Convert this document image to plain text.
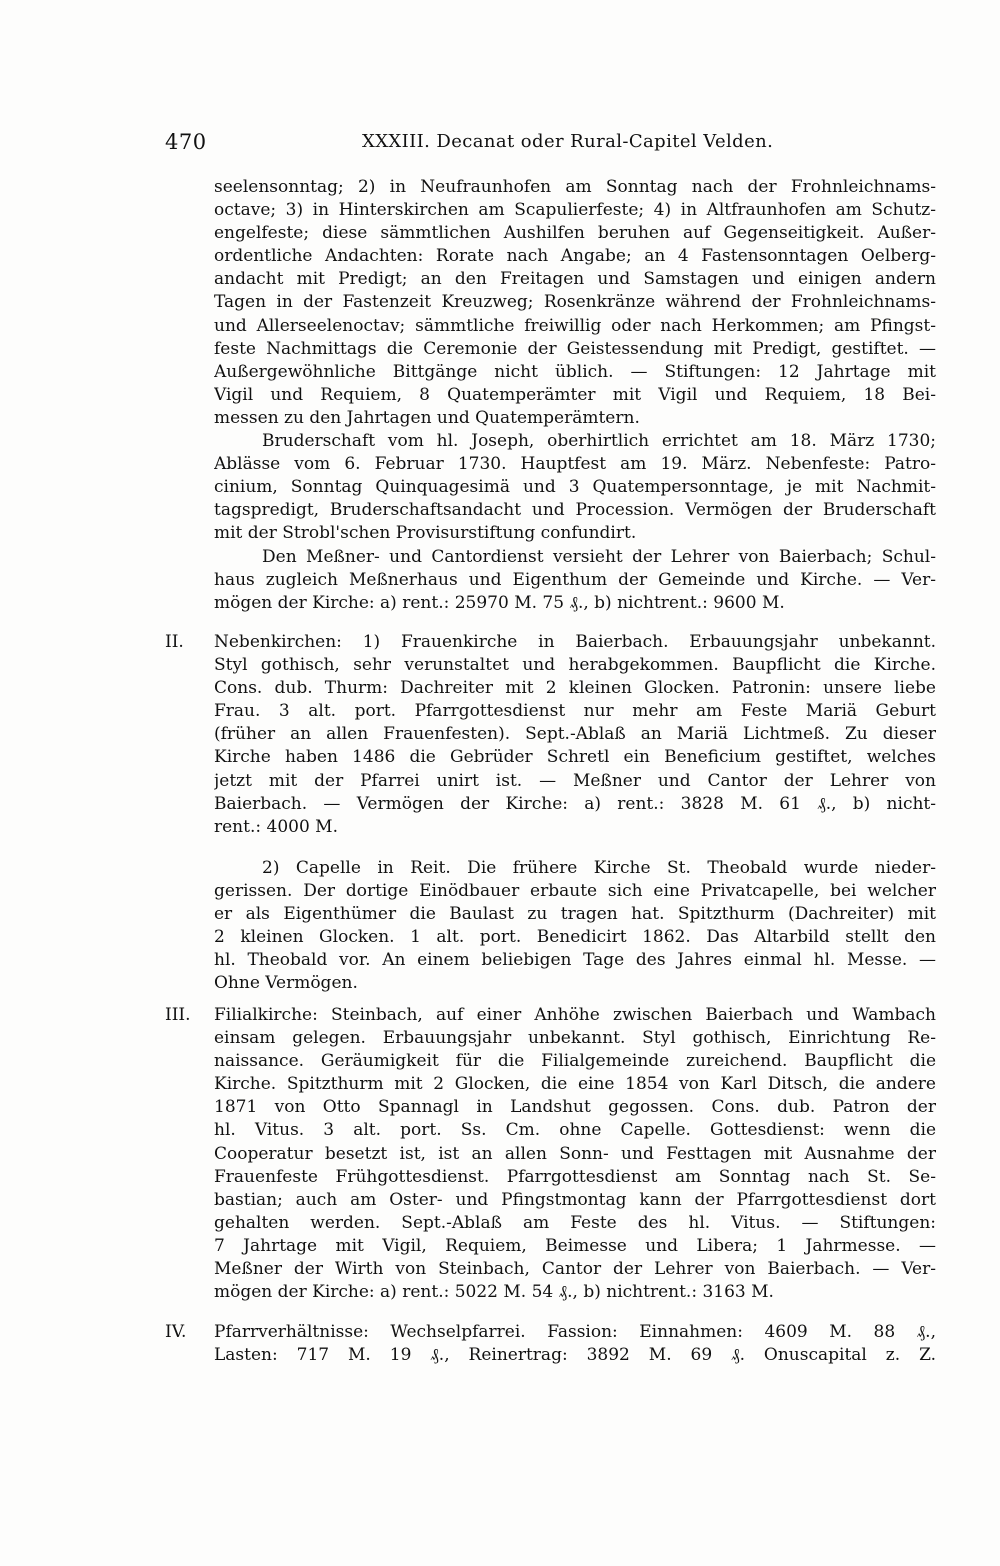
470	XXXIII. Decanat oder Rural-Capitel Velden.
seelensonntag; 2) in Neufraunhofen am Sonntag nach der Frohnleichnams-
octave; 3) in Hinterskirchen am Scapulierfeste; 4) in Altfraunhofen am Schutz-
engelfeste; diese sämmtlichen Aushilfen beruhen auf Gegenseitigkeit. Außer-
ordentliche Andachten: Rorate nach Angabe; an 4 Fastensonntagen Oelberg-
andacht mit Predigt; an den Freitagen und Samstagen und einigen andern
Tagen in der Fastenzeit Kreuzweg; Rosenkränze während der Frohnleichnams-
und Allerseelenoctav; sämmtliche freiwillig oder nach Herkommen; am Pfingst-
feste Nachmittags die Ceremonie der Geistessendung mit Predigt, gestiftet. —
Außergewöhnliche Bittgänge nicht üblich. — Stiftungen: 12 Jahrtage mit
Vigil und Requiem, 8 Quatemperämter mit Vigil und Requiem, 18 Bei-
messen zu den Jahrtagen und Quatemperämtern.
Bruderschaft vom hl. Joseph, oberhirtlich errichtet am 18. März 1730;
Ablässe vom 6. Februar 1730. Hauptfest am 19. März. Nebenfeste: Patro-
cinium, Sonntag Quinquagesimä und 3 Quatempersonntage, je mit Nachmit-
tagspredigt, Bruderschaftsandacht und Procession. Vermögen der Bruderschaft
mit der Strobl'schen Provisurstiftung confundirt.
Den Meßner- und Cantordienst versieht der Lehrer von Baierbach; Schul-
haus zugleich Meßnerhaus und Eigenthum der Gemeinde und Kirche. — Ver-
mögen der Kirche: a) rent.: 25970 M. 75 ₰., b) nichtrent.: 9600 M.
II.	Nebenkirchen: 1) Frauenkirche in Baierbach. Erbauungsjahr unbekannt.
Styl gothisch, sehr verunstaltet und herabgekommen. Baupflicht die Kirche.
Cons. dub. Thurm: Dachreiter mit 2 kleinen Glocken. Patronin: unsere liebe
Frau. 3 alt. port. Pfarrgottesdienst nur mehr am Feste Mariä Geburt
(früher an allen Frauenfesten). Sept.-Ablaß an Mariä Lichtmeß. Zu dieser
Kirche haben 1486 die Gebrüder Schretl ein Beneficium gestiftet, welches
jetzt mit der Pfarrei unirt ist. — Meßner und Cantor der Lehrer von
Baierbach. — Vermögen der Kirche: a) rent.: 3828 M. 61 ₰., b) nicht-
rent.: 4000 M.
2) Capelle in Reit. Die frühere Kirche St. Theobald wurde nieder-
gerissen. Der dortige Einödbauer erbaute sich eine Privatcapelle, bei welcher
er als Eigenthümer die Baulast zu tragen hat. Spitzthurm (Dachreiter) mit
2 kleinen Glocken. 1 alt. port. Benedicirt 1862. Das Altarbild stellt den
hl. Theobald vor. An einem beliebigen Tage des Jahres einmal hl. Messe. —
Ohne Vermögen.
III.	Filialkirche: Steinbach, auf einer Anhöhe zwischen Baierbach und Wambach
einsam gelegen. Erbauungsjahr unbekannt. Styl gothisch, Einrichtung Re-
naissance. Geräumigkeit für die Filialgemeinde zureichend. Baupflicht die
Kirche. Spitzthurm mit 2 Glocken, die eine 1854 von Karl Ditsch, die andere
1871 von Otto Spannagl in Landshut gegossen. Cons. dub. Patron der
hl. Vitus. 3 alt. port. Ss. Cm. ohne Capelle. Gottesdienst: wenn die
Cooperatur besetzt ist, ist an allen Sonn- und Festtagen mit Ausnahme der
Frauenfeste Frühgottesdienst. Pfarrgottesdienst am Sonntag nach St. Se-
bastian; auch am Oster- und Pfingstmontag kann der Pfarrgottesdienst dort
gehalten werden. Sept.-Ablaß am Feste des hl. Vitus. — Stiftungen:
7 Jahrtage mit Vigil, Requiem, Beimesse und Libera; 1 Jahrmesse. —
Meßner der Wirth von Steinbach, Cantor der Lehrer von Baierbach. — Ver-
mögen der Kirche: a) rent.: 5022 M. 54 ₰., b) nichtrent.: 3163 M.
IV.	Pfarrverhältnisse: Wechselpfarrei. Fassion: Einnahmen: 4609 M. 88 ₰.,
Lasten: 717 M. 19 ₰., Reinertrag: 3892 M. 69 ₰. Onuscapital z. Z.
